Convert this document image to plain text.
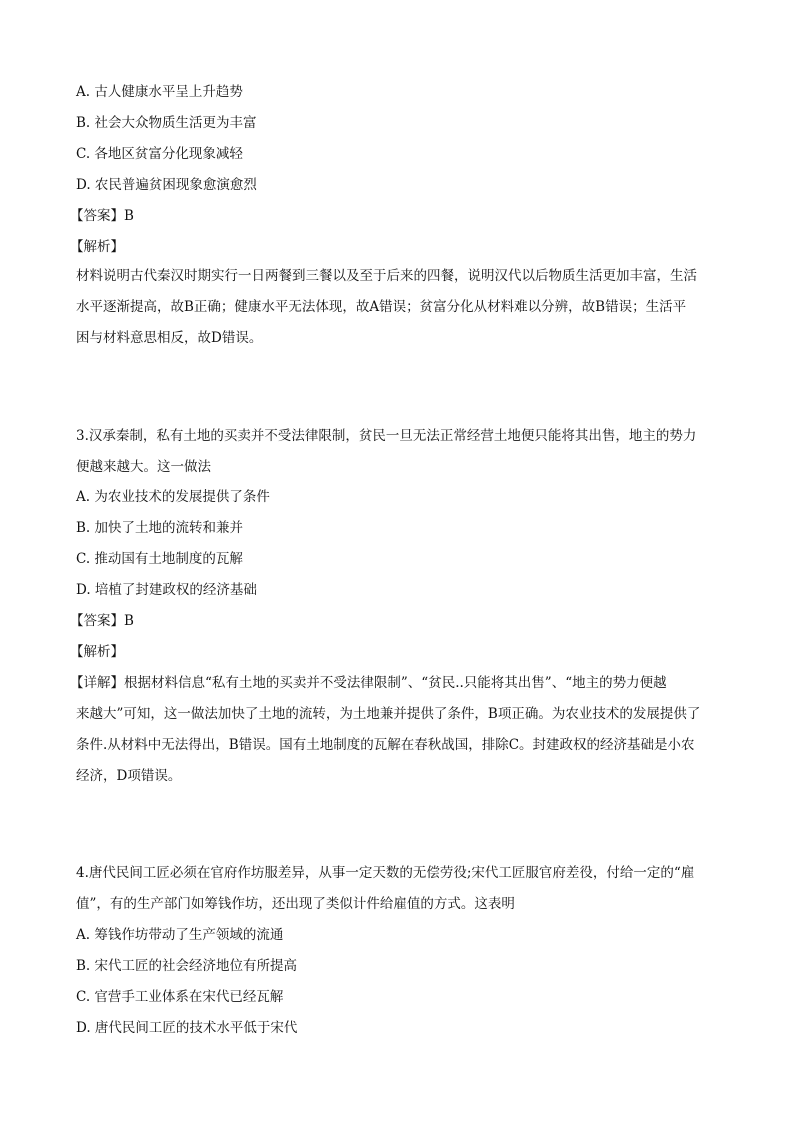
A. 古人健康水平呈上升趋势
B. 社会大众物质生活更为丰富
C. 各地区贫富分化现象减轻
D. 农民普遍贫困现象愈演愈烈
【答案】B
【解析】
材料说明古代秦汉时期实行一日两餐到三餐以及至于后来的四餐，说明汉代以后物质生活更加丰富，生活
水平逐渐提高，故B正确；健康水平无法体现，故A错误；贫富分化从材料难以分辨，故B错误；生活平
困与材料意思相反，故D错误。
3.汉承秦制，私有土地的买卖并不受法律限制，贫民一旦无法正常经营土地便只能将其出售，地主的势力
便越来越大。这一做法
A. 为农业技术的发展提供了条件
B. 加快了土地的流转和兼并
C. 推动国有土地制度的瓦解
D. 培植了封建政权的经济基础
【答案】B
【解析】
【详解】根据材料信息“私有土地的买卖并不受法律限制”、“贫民..只能将其出售”、“地主的势力便越
来越大”可知，这一做法加快了土地的流转，为土地兼并提供了条件，B项正确。为农业技术的发展提供了
条件.从材料中无法得出，B错误。国有土地制度的瓦解在春秋战国，排除C。封建政权的经济基础是小农
经济，D项错误。
4.唐代民间工匠必须在官府作坊服差异，从事一定天数的无偿劳役;宋代工匠服官府差役，付给一定的“雇
值”，有的生产部门如筹钱作坊，还出现了类似计件给雇值的方式。这表明
A. 筹钱作坊带动了生产领域的流通
B. 宋代工匠的社会经济地位有所提高
C. 官营手工业体系在宋代已经瓦解
D. 唐代民间工匠的技术水平低于宋代
